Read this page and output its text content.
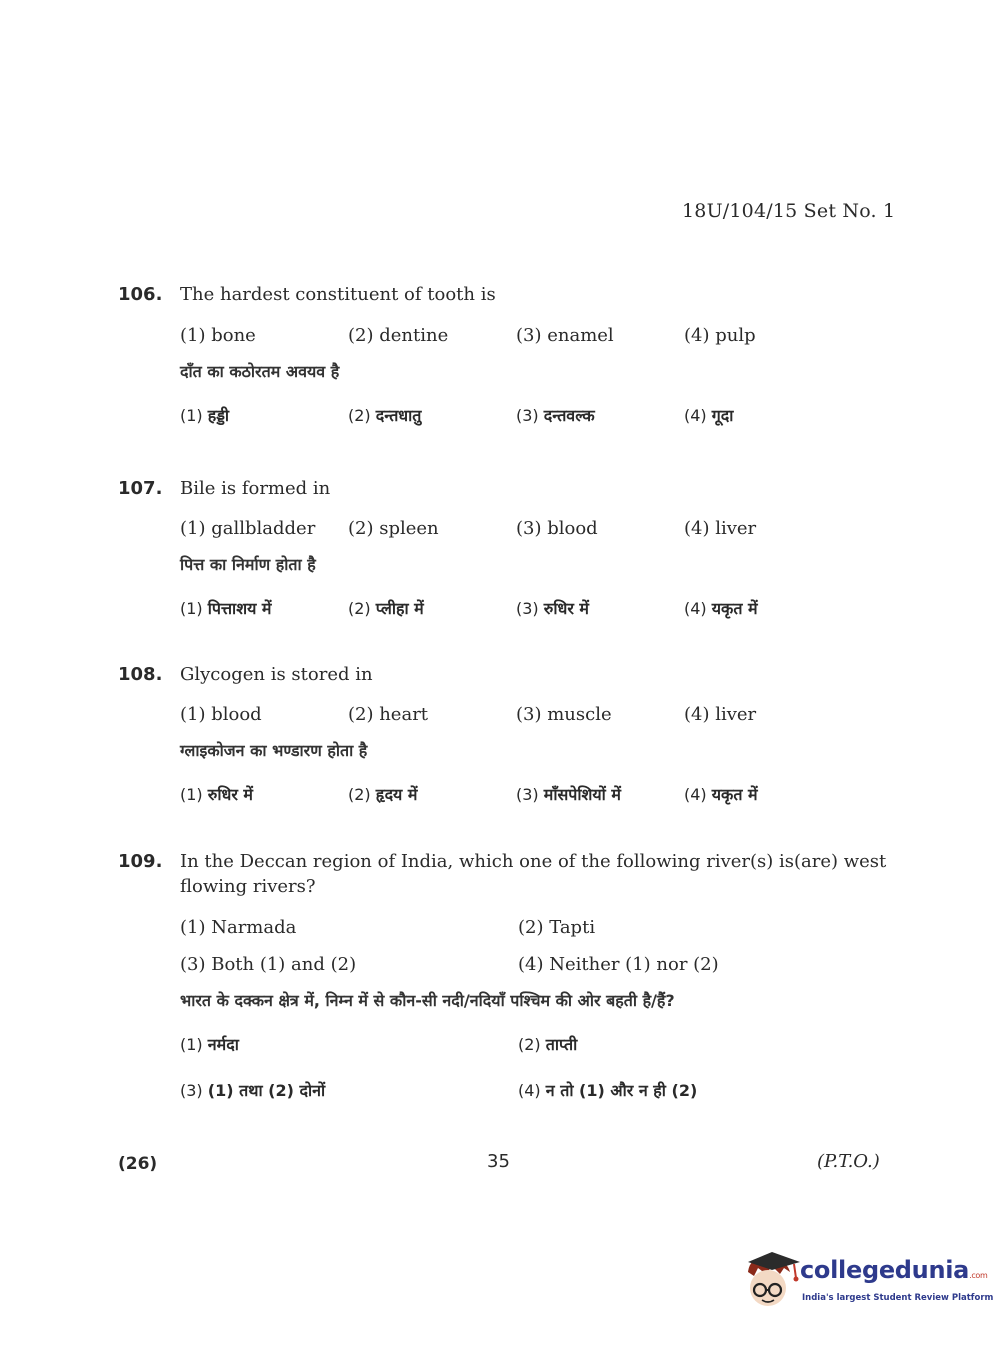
18U/104/15 Set No. 1
106. The hardest constituent of tooth is
(1) bone	(2) dentine	(3) enamel	(4) pulp
दाँत का कठोरतम अवयव है
(1) हड्डी	(2) दन्तधातु	(3) दन्तवल्क	(4) गूदा
107. Bile is formed in
(1) gallbladder	(2) spleen	(3) blood	(4) liver
पित्त का निर्माण होता है
(1) पित्ताशय में	(2) प्लीहा में	(3) रुधिर में	(4) यकृत में
108. Glycogen is stored in
(1) blood	(2) heart	(3) muscle	(4) liver
ग्लाइकोजन का भण्डारण होता है
(1) रुधिर में	(2) हृदय में	(3) माँसपेशियों में	(4) यकृत में
109. In the Deccan region of India, which one of the following river(s) is(are) west flowing rivers?
(1) Narmada	(2) Tapti
(3) Both (1) and (2)	(4) Neither (1) nor (2)
भारत के दक्कन क्षेत्र में, निम्न में से कौन-सी नदी/नदियाँ पश्चिम की ओर बहती है/हैं?
(1) नर्मदा	(2) ताप्ती
(3) (1) तथा (2) दोनों	(4) न तो (1) और न ही (2)
(26)	35	(P.T.O.)
collegedunia.com
India's largest Student Review Platform
